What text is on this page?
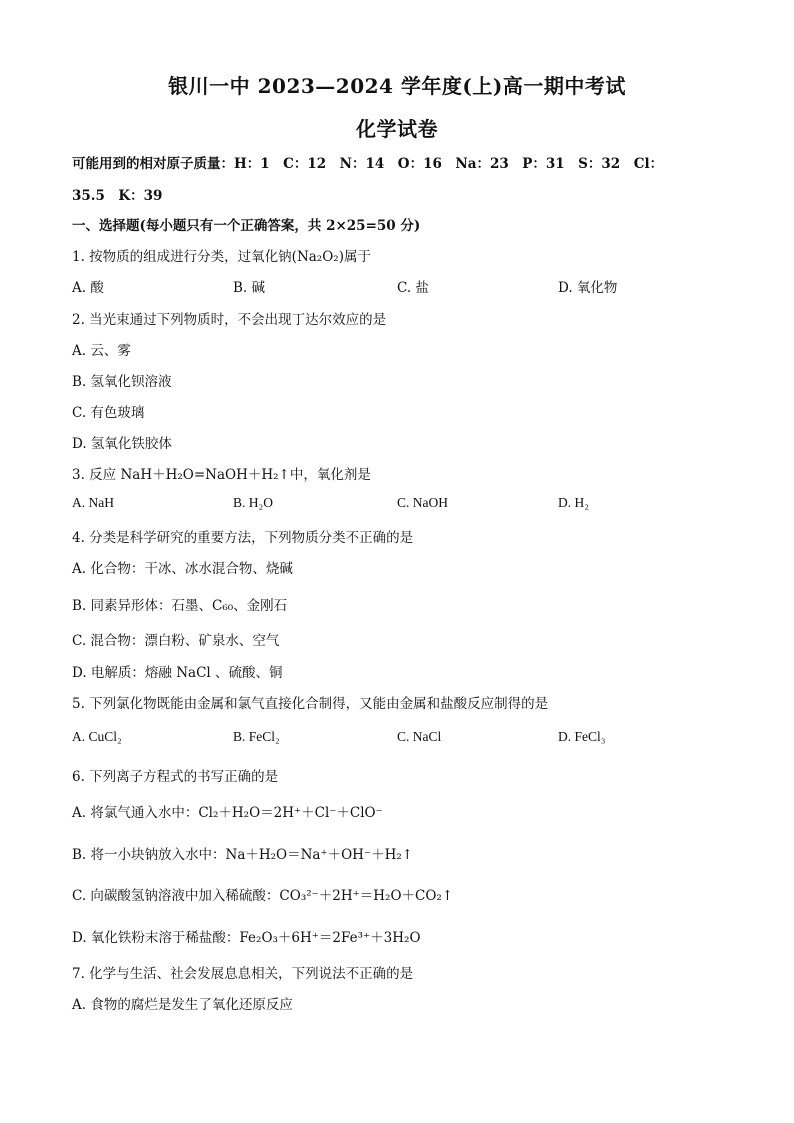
银川一中 2023—2024 学年度(上)高一期中考试
化学试卷
可能用到的相对原子质量：H：1　C：12　N：14　O：16　Na：23　P：31　S：32　Cl：
35.5　K：39
一、选择题(每小题只有一个正确答案，共 2×25=50 分)
1. 按物质的组成进行分类，过氧化钠(Na₂O₂)属于
A. 酸	B. 碱	C. 盐	D. 氧化物
2. 当光束通过下列物质时，不会出现丁达尔效应的是
A. 云、雾
B. 氢氧化钡溶液
C. 有色玻璃
D. 氢氧化铁胶体
3. 反应 NaH＋H₂O=NaOH＋H₂↑中，氧化剂是
A. NaH	B. H₂O	C. NaOH	D. H₂
4. 分类是科学研究的重要方法，下列物质分类不正确的是
A. 化合物：干冰、冰水混合物、烧碱
B. 同素异形体：石墨、C₆₀、金刚石
C. 混合物：漂白粉、矿泉水、空气
D. 电解质：熔融 NaCl 、硫酸、铜
5. 下列氯化物既能由金属和氯气直接化合制得，又能由金属和盐酸反应制得的是
A. CuCl₂	B. FeCl₂	C. NaCl	D. FeCl₃
6. 下列离子方程式的书写正确的是
A. 将氯气通入水中：Cl₂＋H₂O＝2H⁺＋Cl⁻＋ClO⁻
B. 将一小块钠放入水中：Na＋H₂O＝Na⁺＋OH⁻＋H₂↑
C. 向碳酸氢钠溶液中加入稀硫酸：CO₃²⁻＋2H⁺＝H₂O＋CO₂↑
D. 氧化铁粉末溶于稀盐酸：Fe₂O₃＋6H⁺＝2Fe³⁺＋3H₂O
7. 化学与生活、社会发展息息相关，下列说法不正确的是
A. 食物的腐烂是发生了氧化还原反应
